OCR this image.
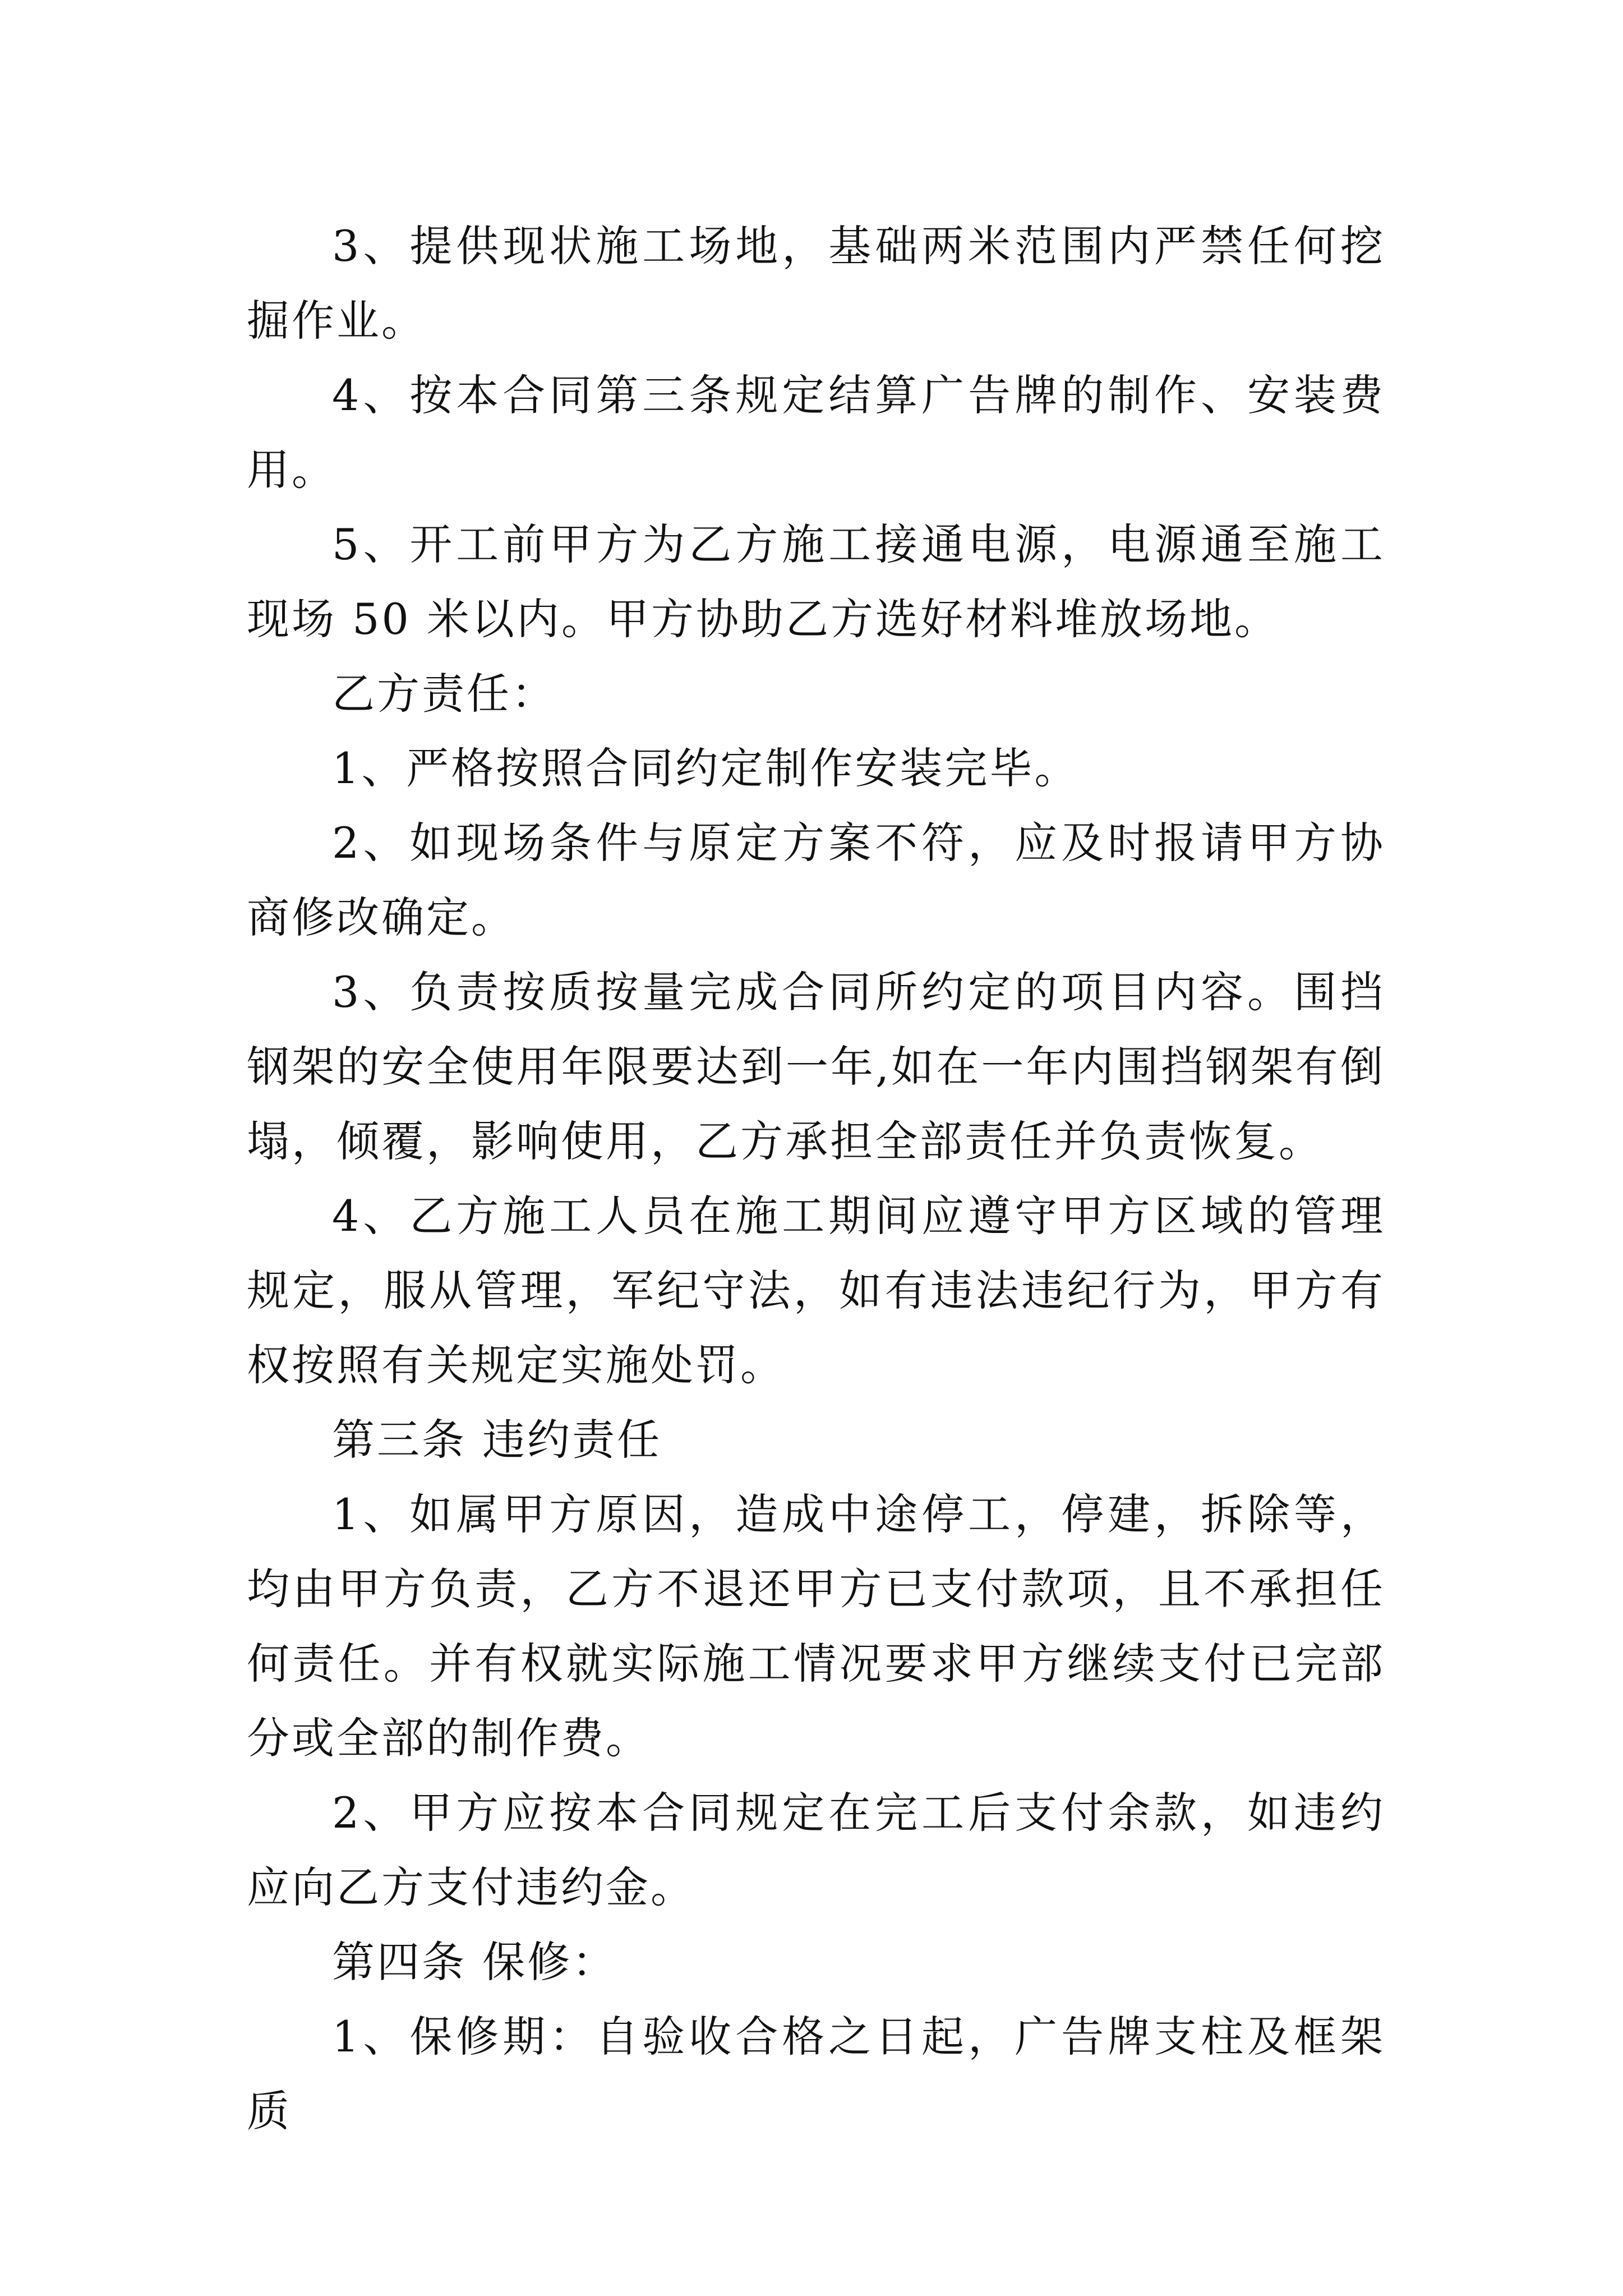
3、提供现状施工场地，基础两米范围内严禁任何挖掘作业。

4、按本合同第三条规定结算广告牌的制作、安装费用。

5、开工前甲方为乙方施工接通电源，电源通至施工现场 50 米以内。甲方协助乙方选好材料堆放场地。

乙方责任：

1、严格按照合同约定制作安装完毕。

2、如现场条件与原定方案不符，应及时报请甲方协商修改确定。

3、负责按质按量完成合同所约定的项目内容。围挡钢架的安全使用年限要达到一年,如在一年内围挡钢架有倒塌，倾覆，影响使用，乙方承担全部责任并负责恢复。

4、乙方施工人员在施工期间应遵守甲方区域的管理规定，服从管理，军纪守法，如有违法违纪行为，甲方有权按照有关规定实施处罚。

第三条 违约责任

1、如属甲方原因，造成中途停工，停建，拆除等，均由甲方负责，乙方不退还甲方已支付款项，且不承担任何责任。并有权就实际施工情况要求甲方继续支付已完部分或全部的制作费。

2、甲方应按本合同规定在完工后支付余款，如违约应向乙方支付违约金。

第四条 保修：

1、保修期：自验收合格之日起，广告牌支柱及框架质
